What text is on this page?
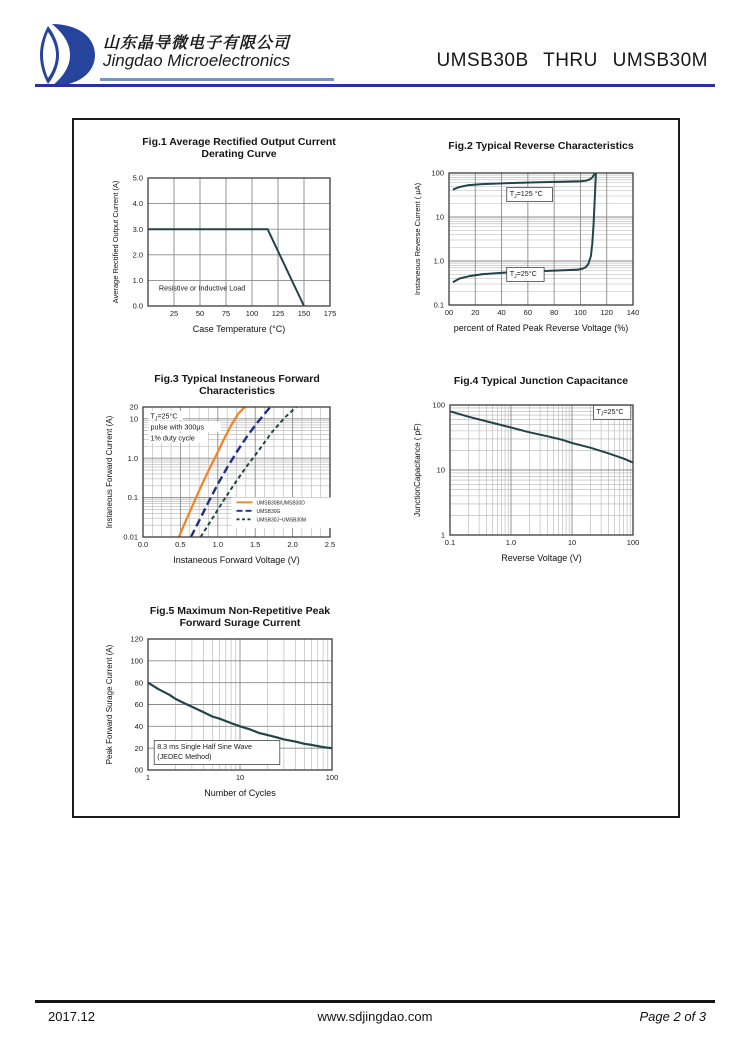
山东晶导微电子有限公司
Jingdao Microelectronics	UMSB30B THRU UMSB30M
Fig.1 Average Rectified Output Current
Derating Curve
25 50 75 100 125 150 175
0.0
1.0
2.0
3.0
4.0
5.0
Case Temperature (°C)
Average Rectified Output Current (A)	Resistive or Inductive Load
Fig.2 Typical Reverse Characteristics
00 20 40 60 80 100 120 140
100
10
1.0
0.1
percent of Rated Peak Reverse Voltage (%)
Instaneous Reverse Current ( μA)	$T_J=125$ °C
$T_J=25^\circ C$
Fig.3 Typical Instaneous Forward
Characteristics
0.0	0.5	1.0	1.5	2.0	2.5
20
10
1.0
0.1
0.01
Instaneous Forward Voltage (V)
Instaneous Forward Current (A)	$T_J=25^\circ C$
pulse with 300μs
1% duty cycle
UMSB30B/UMSB30D
UMSB30G
UMSB30J~UMSB30M
Fig.4 Typical Junction Capacitance
0.1	1.0	10	100
100
10
1
Reverse Voltage (V)
JunctionCapacitance ( pF)
$T_J=25^\circ C$
Fig.5 Maximum Non-Repetitive Peak
Forward Surage Current
1	10	100
00
20
40
60
80
100
120
Number of Cycles
Peak Forward Surage Current (A)	8.3 ms Single Half Sine Wave
(JEDEC Method)
2017.12	www.sdjingdao.com	Page 2 of 3
